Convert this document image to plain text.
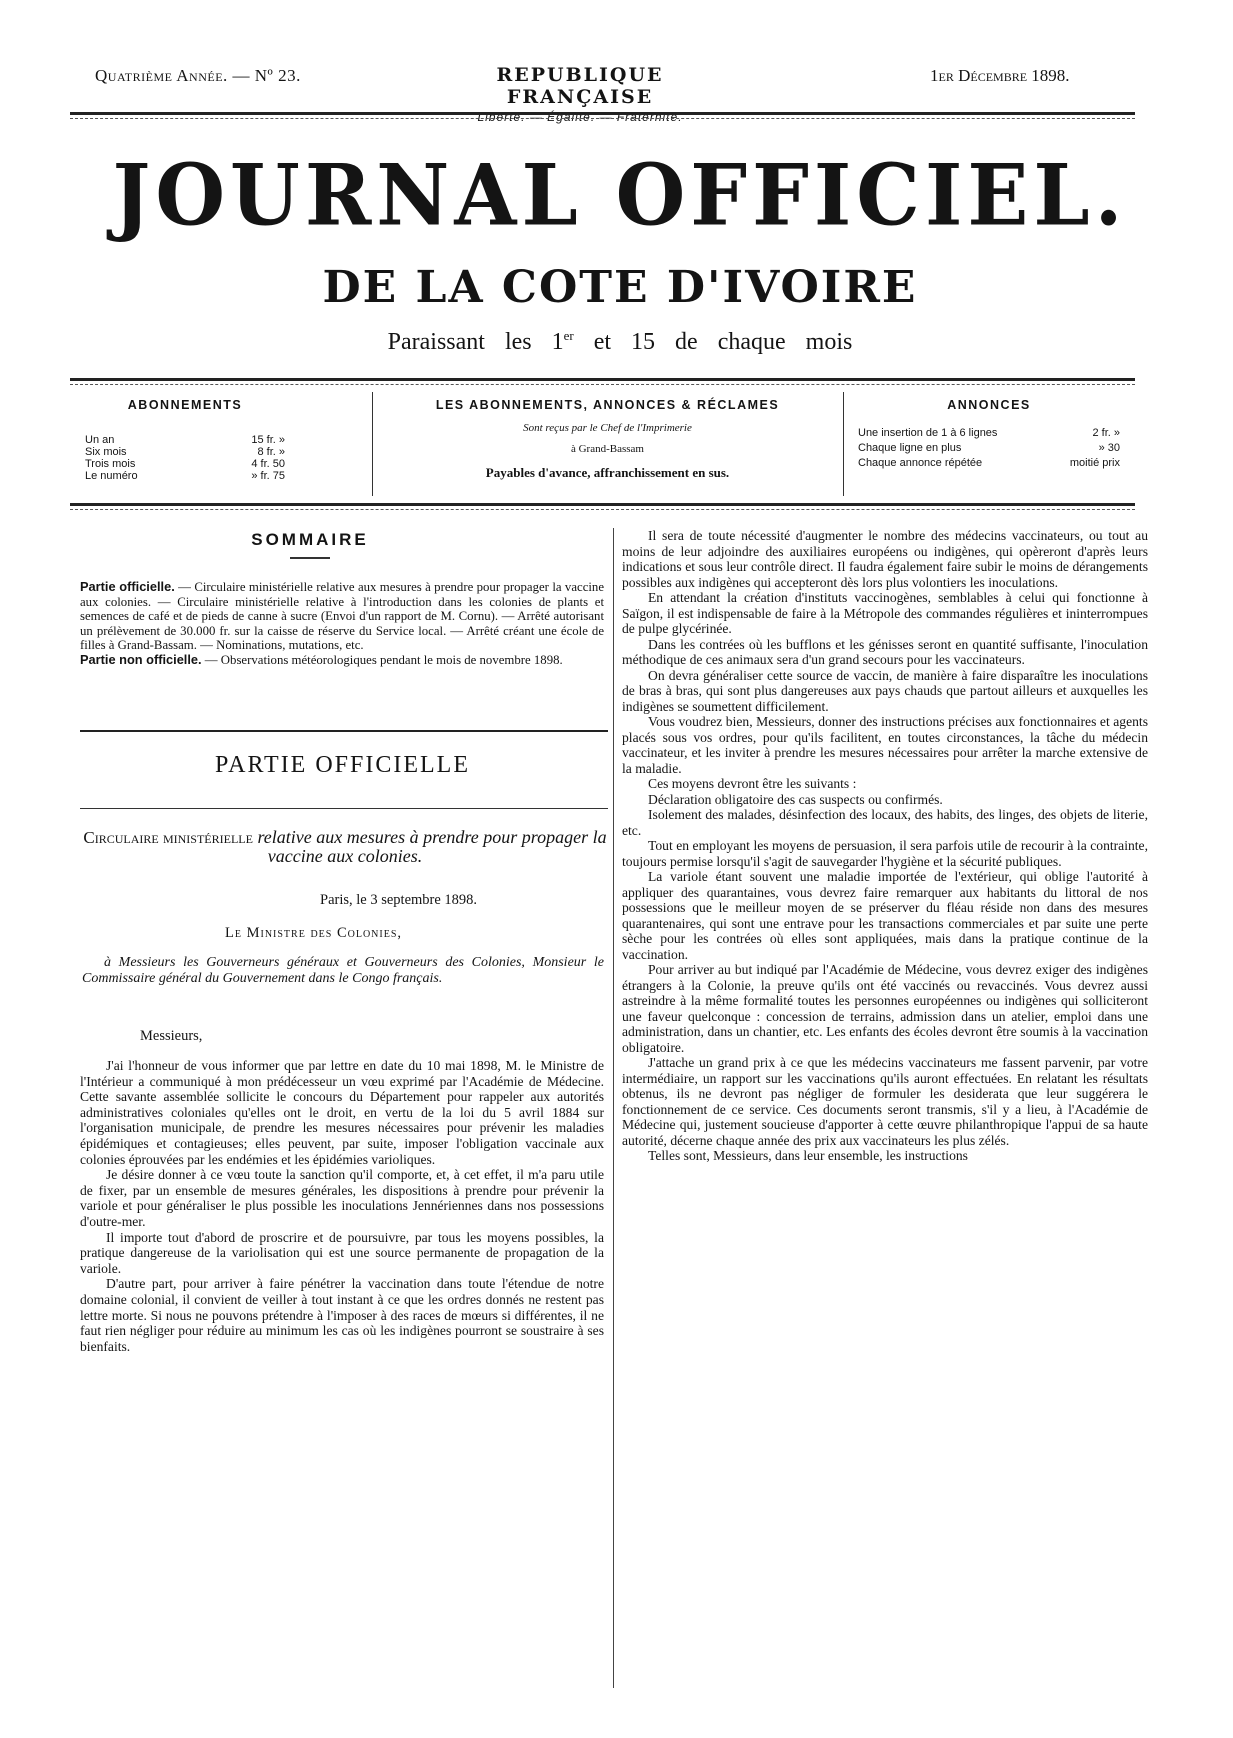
Quatrième Année. — Nº 23.	REPUBLIQUE FRANÇAISE
Liberté. — Égalité. — Fraternité.
1er Décembre 1898.
JOURNAL OFFICIEL.
DE LA COTE D'IVOIRE
Paraissant les 1er et 15 de chaque mois
ABONNEMENTS
Un an	15 fr. »
Six mois	8 fr. »
Trois mois	4 fr. 50
Le numéro	» fr. 75
LES ABONNEMENTS, ANNONCES & RÉCLAMES
Sont reçus par le Chef de l'Imprimerie
à Grand-Bassam
Payables d'avance, affranchissement en sus.
ANNONCES
Une insertion de 1 à 6 lignes	2 fr. »
Chaque ligne en plus	» 30
Chaque annonce répétée	moitié prix
SOMMAIRE

Partie officielle. — Circulaire ministérielle relative aux mesures à prendre pour propager la vaccine aux colonies. — Circulaire ministérielle relative à l'introduction dans les colonies de plants et semences de café et de pieds de canne à sucre (Envoi d'un rapport de M. Cornu). — Arrêté autorisant un prélèvement de 30.000 fr. sur la caisse de réserve du Service local. — Arrêté créant une école de filles à Grand-Bassam. — Nominations, mutations, etc.

Partie non officielle. — Observations météorologiques pendant le mois de novembre 1898.

PARTIE OFFICIELLE
Circulaire ministérielle relative aux mesures à prendre pour propager la vaccine aux colonies.
Paris, le 3 septembre 1898.
Le Ministre des Colonies,
à Messieurs les Gouverneurs généraux et Gouverneurs des Colonies, Monsieur le Commissaire général du Gouvernement dans le Congo français.
Messieurs,

J'ai l'honneur de vous informer que par lettre en date du 10 mai 1898, M. le Ministre de l'Intérieur a communiqué à mon prédécesseur un vœu exprimé par l'Académie de Médecine. Cette savante assemblée sollicite le concours du Département pour rappeler aux autorités administratives coloniales qu'elles ont le droit, en vertu de la loi du 5 avril 1884 sur l'organisation municipale, de prendre les mesures nécessaires pour prévenir les maladies épidémiques et contagieuses; elles peuvent, par suite, imposer l'obligation vaccinale aux colonies éprouvées par les endémies et les épidémies varioliques.

Je désire donner à ce vœu toute la sanction qu'il comporte, et, à cet effet, il m'a paru utile de fixer, par un ensemble de mesures générales, les dispositions à prendre pour prévenir la variole et pour généraliser le plus possible les inoculations Jennériennes dans nos possessions d'outre-mer.

Il importe tout d'abord de proscrire et de poursuivre, par tous les moyens possibles, la pratique dangereuse de la variolisation qui est une source permanente de propagation de la variole.

D'autre part, pour arriver à faire pénétrer la vaccination dans toute l'étendue de notre domaine colonial, il convient de veiller à tout instant à ce que les ordres donnés ne restent pas lettre morte. Si nous ne pouvons prétendre à l'imposer à des races de mœurs si différentes, il ne faut rien négliger pour réduire au minimum les cas où les indigènes pourront se soustraire à ses bienfaits.

Il sera de toute nécessité d'augmenter le nombre des médecins vaccinateurs, ou tout au moins de leur adjoindre des auxiliaires européens ou indigènes, qui opèreront d'après leurs indications et sous leur contrôle direct. Il faudra également faire subir le moins de dérangements possibles aux indigènes qui accepteront dès lors plus volontiers les inoculations.

En attendant la création d'instituts vaccinogènes, semblables à celui qui fonctionne à Saïgon, il est indispensable de faire à la Métropole des commandes régulières et ininterrompues de pulpe glycérinée.

Dans les contrées où les bufflons et les génisses seront en quantité suffisante, l'inoculation méthodique de ces animaux sera d'un grand secours pour les vaccinateurs.

On devra généraliser cette source de vaccin, de manière à faire disparaître les inoculations de bras à bras, qui sont plus dangereuses aux pays chauds que partout ailleurs et auxquelles les indigènes se soumettent difficilement.

Vous voudrez bien, Messieurs, donner des instructions précises aux fonctionnaires et agents placés sous vos ordres, pour qu'ils facilitent, en toutes circonstances, la tâche du médecin vaccinateur, et les inviter à prendre les mesures nécessaires pour arrêter la marche extensive de la maladie.

Ces moyens devront être les suivants :

Déclaration obligatoire des cas suspects ou confirmés.

Isolement des malades, désinfection des locaux, des habits, des linges, des objets de literie, etc.

Tout en employant les moyens de persuasion, il sera parfois utile de recourir à la contrainte, toujours permise lorsqu'il s'agit de sauvegarder l'hygiène et la sécurité publiques.

La variole étant souvent une maladie importée de l'extérieur, qui oblige l'autorité à appliquer des quarantaines, vous devrez faire remarquer aux habitants du littoral de nos possessions que le meilleur moyen de se préserver du fléau réside non dans des mesures quarantenaires, qui sont une entrave pour les transactions commerciales et par suite une perte sèche pour les contrées où elles sont appliquées, mais dans la pratique continue de la vaccination.

Pour arriver au but indiqué par l'Académie de Médecine, vous devrez exiger des indigènes étrangers à la Colonie, la preuve qu'ils ont été vaccinés ou revaccinés. Vous devrez aussi astreindre à la même formalité toutes les personnes européennes ou indigènes qui solliciteront une faveur quelconque : concession de terrains, admission dans un atelier, emploi dans une administration, dans un chantier, etc. Les enfants des écoles devront être soumis à la vaccination obligatoire.

J'attache un grand prix à ce que les médecins vaccinateurs me fassent parvenir, par votre intermédiaire, un rapport sur les vaccinations qu'ils auront effectuées. En relatant les résultats obtenus, ils ne devront pas négliger de formuler les desiderata que leur suggérera le fonctionnement de ce service. Ces documents seront transmis, s'il y a lieu, à l'Académie de Médecine qui, justement soucieuse d'apporter à cette œuvre philanthropique l'appui de sa haute autorité, décerne chaque année des prix aux vaccinateurs les plus zélés.

Telles sont, Messieurs, dans leur ensemble, les instructions
